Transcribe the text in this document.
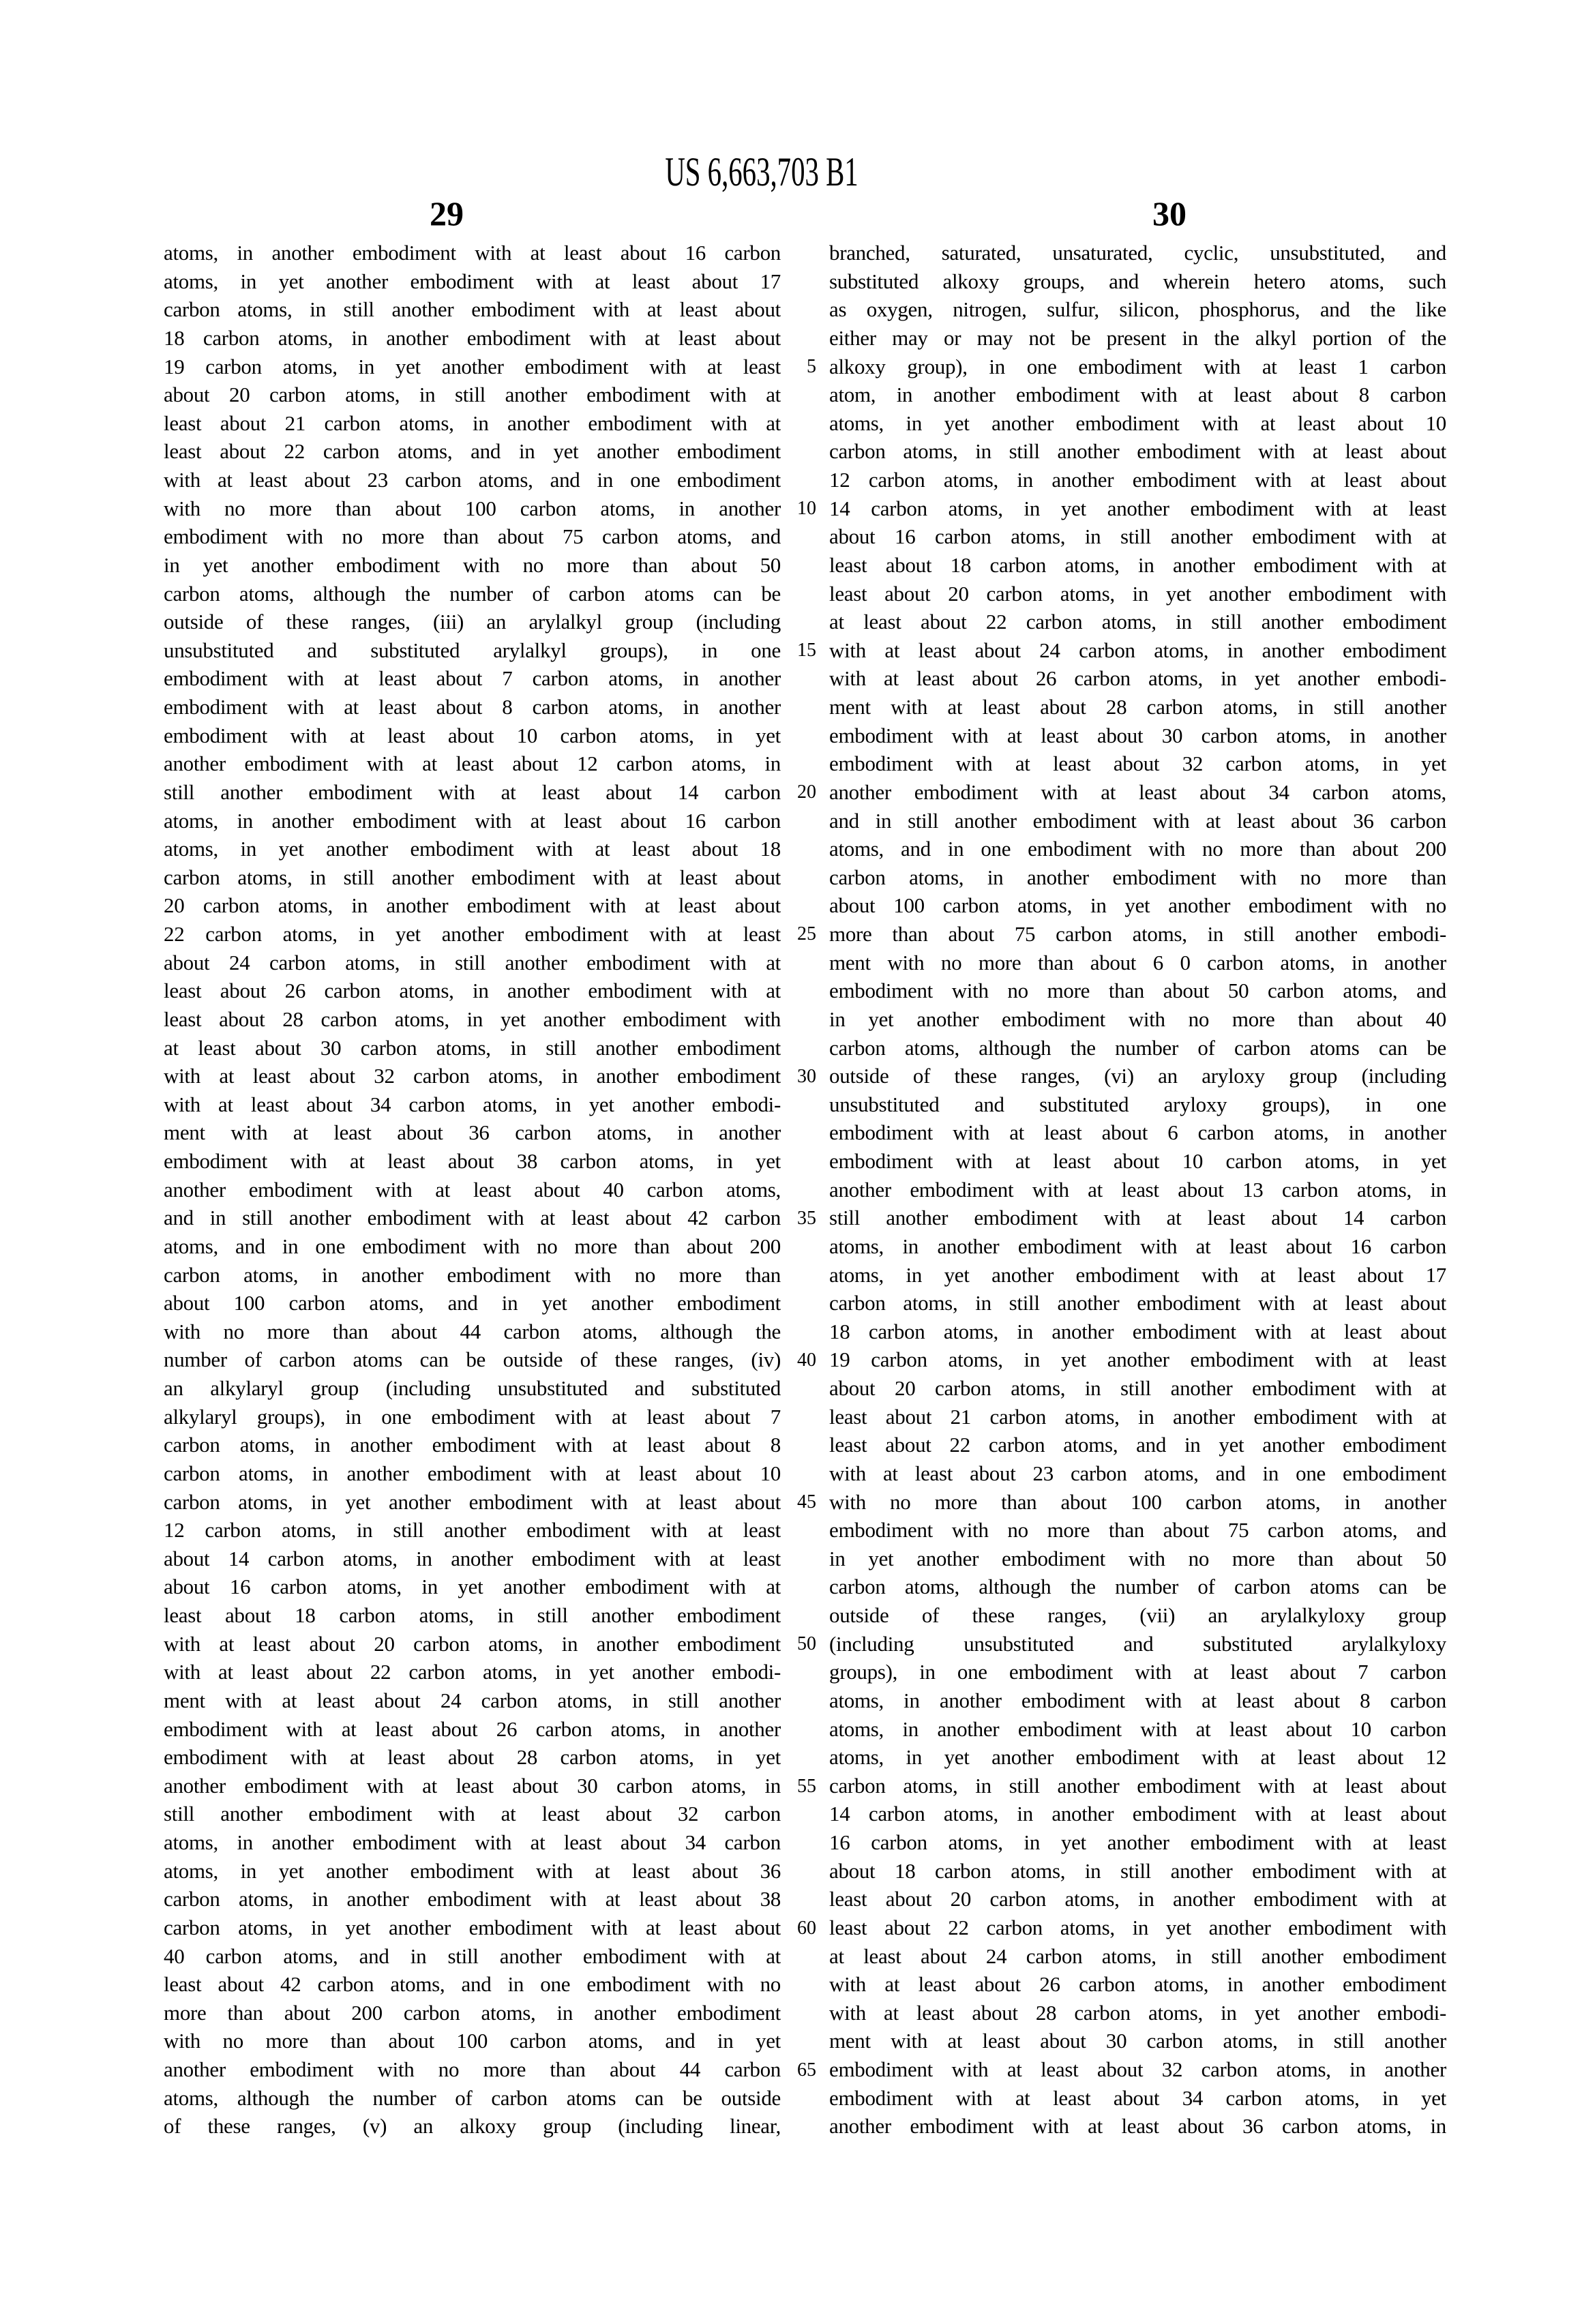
US 6,663,703 B1
29	30
atoms, in another embodiment with at least about 16 carbon
atoms, in yet another embodiment with at least about 17
carbon atoms, in still another embodiment with at least about
18 carbon atoms, in another embodiment with at least about
19 carbon atoms, in yet another embodiment with at least
about 20 carbon atoms, in still another embodiment with at
least about 21 carbon atoms, in another embodiment with at
least about 22 carbon atoms, and in yet another embodiment
with at least about 23 carbon atoms, and in one embodiment
with no more than about 100 carbon atoms, in another
embodiment with no more than about 75 carbon atoms, and
in yet another embodiment with no more than about 50
carbon atoms, although the number of carbon atoms can be
outside of these ranges, (iii) an arylalkyl group (including
unsubstituted and substituted arylalkyl groups), in one
embodiment with at least about 7 carbon atoms, in another
embodiment with at least about 8 carbon atoms, in another
embodiment with at least about 10 carbon atoms, in yet
another embodiment with at least about 12 carbon atoms, in
still another embodiment with at least about 14 carbon
atoms, in another embodiment with at least about 16 carbon
atoms, in yet another embodiment with at least about 18
carbon atoms, in still another embodiment with at least about
20 carbon atoms, in another embodiment with at least about
22 carbon atoms, in yet another embodiment with at least
about 24 carbon atoms, in still another embodiment with at
least about 26 carbon atoms, in another embodiment with at
least about 28 carbon atoms, in yet another embodiment with
at least about 30 carbon atoms, in still another embodiment
with at least about 32 carbon atoms, in another embodiment
with at least about 34 carbon atoms, in yet another embodi-
ment with at least about 36 carbon atoms, in another
embodiment with at least about 38 carbon atoms, in yet
another embodiment with at least about 40 carbon atoms,
and in still another embodiment with at least about 42 carbon
atoms, and in one embodiment with no more than about 200
carbon atoms, in another embodiment with no more than
about 100 carbon atoms, and in yet another embodiment
with no more than about 44 carbon atoms, although the
number of carbon atoms can be outside of these ranges, (iv)
an alkylaryl group (including unsubstituted and substituted
alkylaryl groups), in one embodiment with at least about 7
carbon atoms, in another embodiment with at least about 8
carbon atoms, in another embodiment with at least about 10
carbon atoms, in yet another embodiment with at least about
12 carbon atoms, in still another embodiment with at least
about 14 carbon atoms, in another embodiment with at least
about 16 carbon atoms, in yet another embodiment with at
least about 18 carbon atoms, in still another embodiment
with at least about 20 carbon atoms, in another embodiment
with at least about 22 carbon atoms, in yet another embodi-
ment with at least about 24 carbon atoms, in still another
embodiment with at least about 26 carbon atoms, in another
embodiment with at least about 28 carbon atoms, in yet
another embodiment with at least about 30 carbon atoms, in
still another embodiment with at least about 32 carbon
atoms, in another embodiment with at least about 34 carbon
atoms, in yet another embodiment with at least about 36
carbon atoms, in another embodiment with at least about 38
carbon atoms, in yet another embodiment with at least about
40 carbon atoms, and in still another embodiment with at
least about 42 carbon atoms, and in one embodiment with no
more than about 200 carbon atoms, in another embodiment
with no more than about 100 carbon atoms, and in yet
another embodiment with no more than about 44 carbon
atoms, although the number of carbon atoms can be outside
of these ranges, (v) an alkoxy group (including linear,
branched, saturated, unsaturated, cyclic, unsubstituted, and
substituted alkoxy groups, and wherein hetero atoms, such
as oxygen, nitrogen, sulfur, silicon, phosphorus, and the like
either may or may not be present in the alkyl portion of the
alkoxy group), in one embodiment with at least 1 carbon
atom, in another embodiment with at least about 8 carbon
atoms, in yet another embodiment with at least about 10
carbon atoms, in still another embodiment with at least about
12 carbon atoms, in another embodiment with at least about
14 carbon atoms, in yet another embodiment with at least
about 16 carbon atoms, in still another embodiment with at
least about 18 carbon atoms, in another embodiment with at
least about 20 carbon atoms, in yet another embodiment with
at least about 22 carbon atoms, in still another embodiment
with at least about 24 carbon atoms, in another embodiment
with at least about 26 carbon atoms, in yet another embodi-
ment with at least about 28 carbon atoms, in still another
embodiment with at least about 30 carbon atoms, in another
embodiment with at least about 32 carbon atoms, in yet
another embodiment with at least about 34 carbon atoms,
and in still another embodiment with at least about 36 carbon
atoms, and in one embodiment with no more than about 200
carbon atoms, in another embodiment with no more than
about 100 carbon atoms, in yet another embodiment with no
more than about 75 carbon atoms, in still another embodi-
ment with no more than about 6 0 carbon atoms, in another
embodiment with no more than about 50 carbon atoms, and
in yet another embodiment with no more than about 40
carbon atoms, although the number of carbon atoms can be
outside of these ranges, (vi) an aryloxy group (including
unsubstituted and substituted aryloxy groups), in one
embodiment with at least about 6 carbon atoms, in another
embodiment with at least about 10 carbon atoms, in yet
another embodiment with at least about 13 carbon atoms, in
still another embodiment with at least about 14 carbon
atoms, in another embodiment with at least about 16 carbon
atoms, in yet another embodiment with at least about 17
carbon atoms, in still another embodiment with at least about
18 carbon atoms, in another embodiment with at least about
19 carbon atoms, in yet another embodiment with at least
about 20 carbon atoms, in still another embodiment with at
least about 21 carbon atoms, in another embodiment with at
least about 22 carbon atoms, and in yet another embodiment
with at least about 23 carbon atoms, and in one embodiment
with no more than about 100 carbon atoms, in another
embodiment with no more than about 75 carbon atoms, and
in yet another embodiment with no more than about 50
carbon atoms, although the number of carbon atoms can be
outside of these ranges, (vii) an arylalkyloxy group
(including unsubstituted and substituted arylalkyloxy
groups), in one embodiment with at least about 7 carbon
atoms, in another embodiment with at least about 8 carbon
atoms, in another embodiment with at least about 10 carbon
atoms, in yet another embodiment with at least about 12
carbon atoms, in still another embodiment with at least about
14 carbon atoms, in another embodiment with at least about
16 carbon atoms, in yet another embodiment with at least
about 18 carbon atoms, in still another embodiment with at
least about 20 carbon atoms, in another embodiment with at
least about 22 carbon atoms, in yet another embodiment with
at least about 24 carbon atoms, in still another embodiment
with at least about 26 carbon atoms, in another embodiment
with at least about 28 carbon atoms, in yet another embodi-
ment with at least about 30 carbon atoms, in still another
embodiment with at least about 32 carbon atoms, in another
embodiment with at least about 34 carbon atoms, in yet
another embodiment with at least about 36 carbon atoms, in
5
10
15
20
25
30
35
40
45
50
55
60
65
